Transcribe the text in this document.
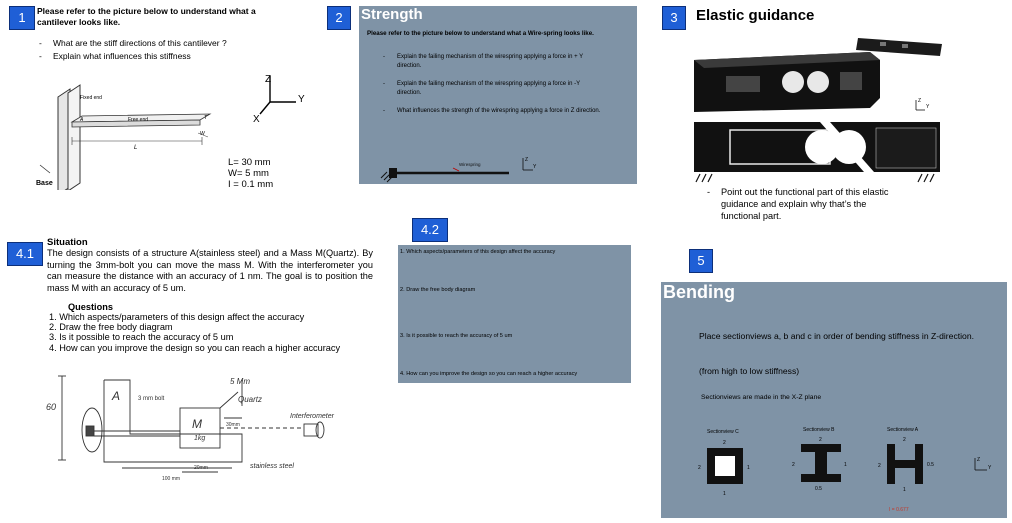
1	Please refer to the picture below to understand what a cantilever looks like.
- What are the stiff directions of this cantilever ?
- Explain what influences this stiffness
Fixed end
Free end
A
L
T
W
Base
Z
Y
X
L= 30 mm
W= 5 mm
I = 0.1 mm
2	Strength
Please refer to the picture below to understand what a Wire-spring looks like.
- Explain the failing mechanism of the wirespring applying a force in + Y direction.
- Explain the failing mechanism of the wirespring applying a force in -Y direction.
- What influences the strength of the wirespring applying a force in Z direction.
Wirespring
Z
Y
3	Elastic guidance
Z
Y
- Point out the functional part of this elastic guidance and explain why that’s the functional part.
4.1
Situation
The design consists of a structure A(stainless steel) and a Mass M(Quartz). By turning the 3mm-bolt you can move the mass M. With the interferometer you can measure the distance with an accuracy of 1 nm. The goal is to position the mass M with an accuracy of 5 um.
Questions
1. Which aspects/parameters of this design affect the accuracy
2. Draw the free body diagram
3. Is it possible to reach the accuracy of 5 um
4. How can you improve the design so you can reach a higher accuracy
60
A	3 mm bolt
M
1kg
5 Mm
Quartz
30mm
Interferometer
20mm
100 mm
stainless steel
4.2
1. Which aspects/parameters of this design affect the accuracy
2. Draw the free body diagram
3. Is it possible to reach the accuracy of 5 um
4. How can you improve the design so you can reach a higher accuracy
5
Bending
Place sectionviews a, b and c in order of bending stiffness in Z-direction.
(from high to low stiffness)
Sectionviews are made in the X-Z plane
Sectionview C
2
2	1
1
Sectionview B
2
2	1
0.5
Sectionview A
2
2	0.5
1
Z
Y
I = 0.677
